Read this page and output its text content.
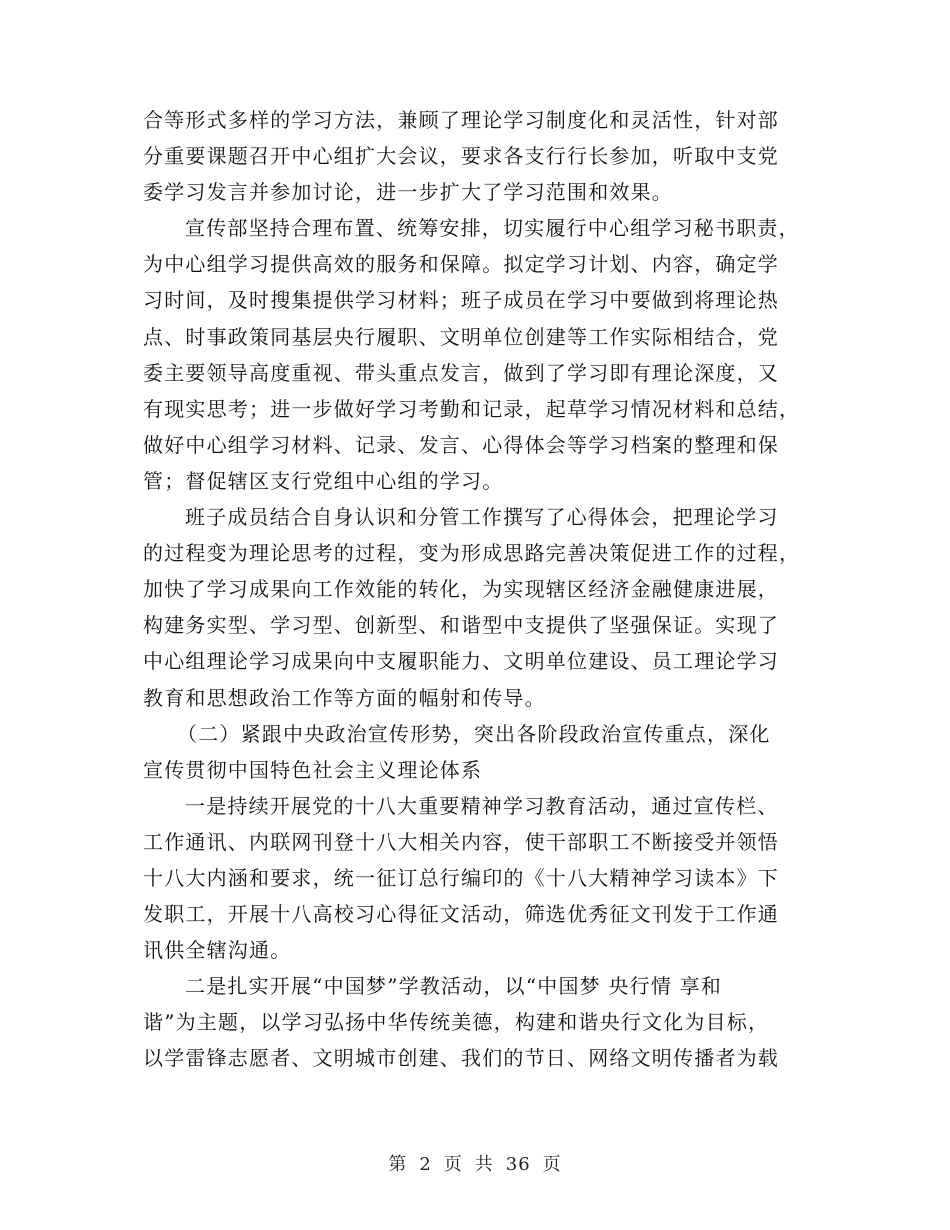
合等形式多样的学习方法，兼顾了理论学习制度化和灵活性，针对部
分重要课题召开中心组扩大会议，要求各支行行长参加，听取中支党
委学习发言并参加讨论，进一步扩大了学习范围和效果。
宣传部坚持合理布置、统筹安排，切实履行中心组学习秘书职责，
为中心组学习提供高效的服务和保障。拟定学习计划、内容，确定学
习时间，及时搜集提供学习材料；班子成员在学习中要做到将理论热
点、时事政策同基层央行履职、文明单位创建等工作实际相结合，党
委主要领导高度重视、带头重点发言，做到了学习即有理论深度，又
有现实思考；进一步做好学习考勤和记录，起草学习情况材料和总结，
做好中心组学习材料、记录、发言、心得体会等学习档案的整理和保
管；督促辖区支行党组中心组的学习。
班子成员结合自身认识和分管工作撰写了心得体会，把理论学习
的过程变为理论思考的过程，变为形成思路完善决策促进工作的过程，
加快了学习成果向工作效能的转化，为实现辖区经济金融健康进展，
构建务实型、学习型、创新型、和谐型中支提供了坚强保证。实现了
中心组理论学习成果向中支履职能力、文明单位建设、员工理论学习
教育和思想政治工作等方面的幅射和传导。
（二）紧跟中央政治宣传形势，突出各阶段政治宣传重点，深化
宣传贯彻中国特色社会主义理论体系
一是持续开展党的十八大重要精神学习教育活动，通过宣传栏、
工作通讯、内联网刊登十八大相关内容，使干部职工不断接受并领悟
十八大内涵和要求，统一征订总行编印的《十八大精神学习读本》下
发职工，开展十八高校习心得征文活动，筛选优秀征文刊发于工作通
讯供全辖沟通。
二是扎实开展“中国梦”学教活动，以“中国梦 央行情 享和
谐”为主题，以学习弘扬中华传统美德，构建和谐央行文化为目标，
以学雷锋志愿者、文明城市创建、我们的节日、网络文明传播者为载
第 2 页 共 36 页
